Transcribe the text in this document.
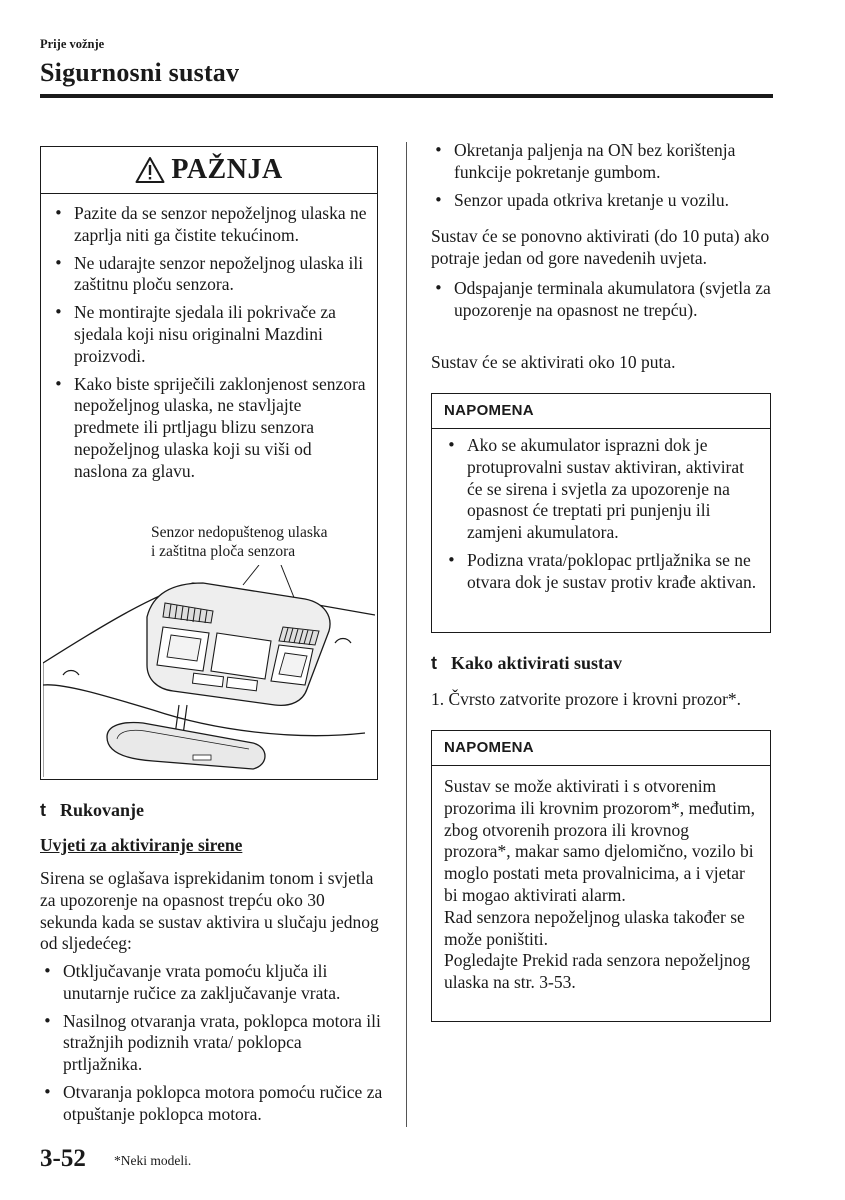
Prije vožnje
Sigurnosni sustav
PAŽNJA
• Pazite da se senzor nepoželjnog ulaska ne zaprlja niti ga čistite tekućinom.
• Ne udarajte senzor nepoželjnog ulaska ili zaštitnu ploču senzora.
• Ne montirajte sjedala ili pokrivače za sjedala koji nisu originalni Mazdini proizvodi.
• Kako biste spriječili zaklonjenost senzora nepoželjnog ulaska, ne stavljajte predmete ili prtljagu blizu senzora nepoželjnog ulaska koji su viši od naslona za glavu.
Senzor nedopuštenog ulaska
i zaštitna ploča senzora
t Rukovanje
Uvjeti za aktiviranje sirene
Sirena se oglašava isprekidanim tonom i svjetla za upozorenje na opasnost trepću oko 30 sekunda kada se sustav aktivira u slučaju jednog od sljedećeg:
• Otključavanje vrata pomoću ključa ili unutarnje ručice za zaključavanje vrata.
• Nasilnog otvaranja vrata, poklopca motora ili stražnjih podiznih vrata/ poklopca prtljažnika.
• Otvaranja poklopca motora pomoću ručice za otpuštanje poklopca motora.
• Okretanja paljenja na ON bez korištenja funkcije pokretanje gumbom.
• Senzor upada otkriva kretanje u vozilu.
Sustav će se ponovno aktivirati (do 10 puta) ako potraje jedan od gore navedenih uvjeta.
• Odspajanje terminala akumulatora (svjetla za upozorenje na opasnost ne trepću).
Sustav će se aktivirati oko 10 puta.
NAPOMENA
• Ako se akumulator isprazni dok je protuprovalni sustav aktiviran, aktivirat će se sirena i svjetla za upozorenje na opasnost će treptati pri punjenju ili zamjeni akumulatora.
• Podizna vrata/poklopac prtljažnika se ne otvara dok je sustav protiv krađe aktivan.
t Kako aktivirati sustav
1. Čvrsto zatvorite prozore i krovni prozor*.
NAPOMENA
Sustav se može aktivirati i s otvorenim prozorima ili krovnim prozorom*, međutim, zbog otvorenih prozora ili krovnog prozora*, makar samo djelomično, vozilo bi moglo postati meta provalnicima, a i vjetar bi mogao aktivirati alarm.
Rad senzora nepoželjnog ulaska također se može poništiti.
Pogledajte Prekid rada senzora nepoželjnog ulaska na str. 3-53.
3-52 *Neki modeli.
